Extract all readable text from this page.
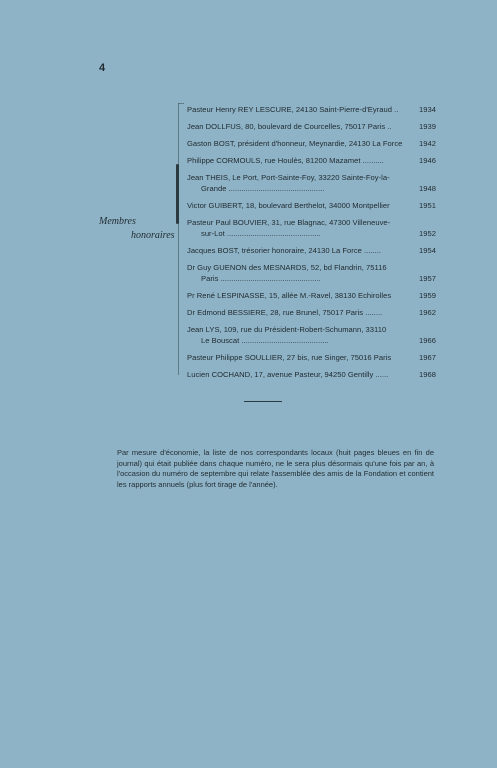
4
Membres
honoraires
Pasteur Henry REY LESCURE, 24130 Saint-Pierre-d'Eyraud ..	1934
Jean DOLLFUS, 80, boulevard de Courcelles, 75017 Paris ..	1939
Gaston BOST, président d'honneur, Meynardie, 24130 La Force	1942
Philippe CORMOULS, rue Houlès, 81200 Mazamet ..........	1946
Jean THEIS, Le Port, Port-Sainte-Foy, 33220 Sainte-Foy-la-
Grande .............................................	1948
Victor GUIBERT, 18, boulevard Berthelot, 34000 Montpellier	1951
Pasteur Paul BOUVIER, 31, rue Blagnac, 47300 Villeneuve-
sur-Lot ............................................	1952
Jacques BOST, trésorier honoraire, 24130 La Force ........	1954
Dr Guy GUENON des MESNARDS, 52, bd Flandrin, 75116
Paris ...............................................	1957
Pr René LESPINASSE, 15, allée M.-Ravel, 38130 Echirolles	1959
Dr Edmond BESSIERE, 28, rue Brunel, 75017 Paris ........	1962
Jean LYS, 109, rue du Président-Robert-Schumann, 33110
Le Bouscat .........................................	1966
Pasteur Philippe SOULLIER, 27 bis, rue Singer, 75016 Paris	1967
Lucien COCHAND, 17, avenue Pasteur, 94250 Gentilly ......	1968
Par mesure d'économie, la liste de nos correspondants locaux (huit pages bleues en fin de journal) qui était publiée dans chaque numéro, ne le sera plus désormais qu'une fois par an, à l'occasion du numéro de septembre qui relate l'assemblée des amis de la Fondation et contient les rapports annuels (plus fort tirage de l'année).
